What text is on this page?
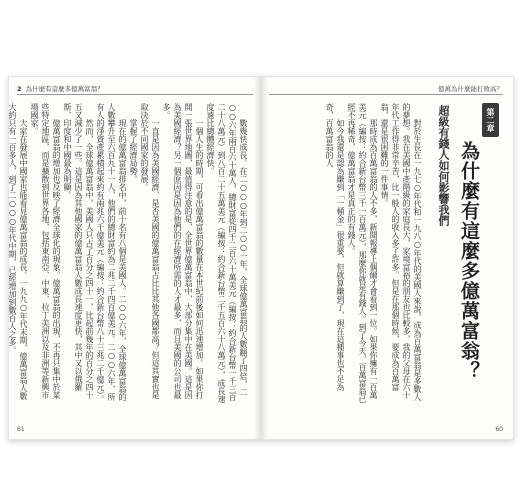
2 為什麼有這麼多億萬富翁？

數幾快成長。在二○○○年到二○○一年，全球億萬富翁的人數翻了四倍，二○○六年兩百六十萬人，總財富從四千二百六十萬美元（編按：約合新台幣一千三百二十八萬元）到八百二十五萬美元（編按：約合新台幣二千五百六十八萬元），成長速度遠比總體經濟快。

一個人生的時期，可看出億萬富翁的數量在本世紀前後如何迅速增加。如果你打開一張世界地圖，最值得注意的是，全世界億萬富翁中，大部分集中在美國。這是因為美國經濟？另一個原因是因為他們的在經濟所需的人才最多，而且美國的公司也最多。

一直是因為美國經濟，是否美國的億萬富翁占比比其他各國都高？但這其實也是取決於不同國家的發展。

掌握了經濟局勢。

現在的億萬富翁排名中，前十名有八個是美國人。二○○六年，全球億萬富翁的人數攀升至六百九十一人，他們的總財富約為二兆二千四百億美元。二○○六年，所有人的淨資產累積起來約有兩兆六千億美元（編按：約合新台幣八十三兆二千億元）。

然而，全球億萬富翁中，美國人只占了百分之四十一，比起前幾年的百分之四十五又減少了一些。這是因為其他國家的億萬富翁人數成長速度更快，其中又以俄羅斯、印度和中國最為明顯。

億萬富翁的增加也反映了經濟全球化的現象。億萬富翁的出現，不再只集中於某些特定地區，而是擴散到世界各地，包括東南亞、中東、拉丁美洲以及非洲等新興市場國家。

大家在發展中國家也能看見億萬富翁的成長。一九九○年代末期，億萬富翁人數大約只有一百多人，到了二○○○年代中期，已經增加到數百人之多。

61
億萬為什麼能打敗高？
第二章
為什麼有這麼多億萬富翁？
超級有錢人如何影響我們

對於生長在一九七○年代和一九八○年代的美國人來說，成為百萬富翁是多數人的夢想。我在美國中產階級的家庭長大，家境富裕的朋友也比較多，我的父母在六十年代工作得非常辛苦，比一般人的收入多了許多。但是在那個時候，要成為百萬富翁，還是很困難的一件事情。

那時成為百萬富翁的人不多，新聞報導上偶爾才會看到一位。如果你擁有一百萬美元（編按：約合新台幣三千一百萬元），那麼你就是有錢人。到了今天，百萬富翁已經不再稀奇，億萬富翁才是真正的有錢人。

如今我還是認為賺到「一桶金」很重要，但就算賺到了，現在這種事也不足為奇，百萬富翁的人

60
